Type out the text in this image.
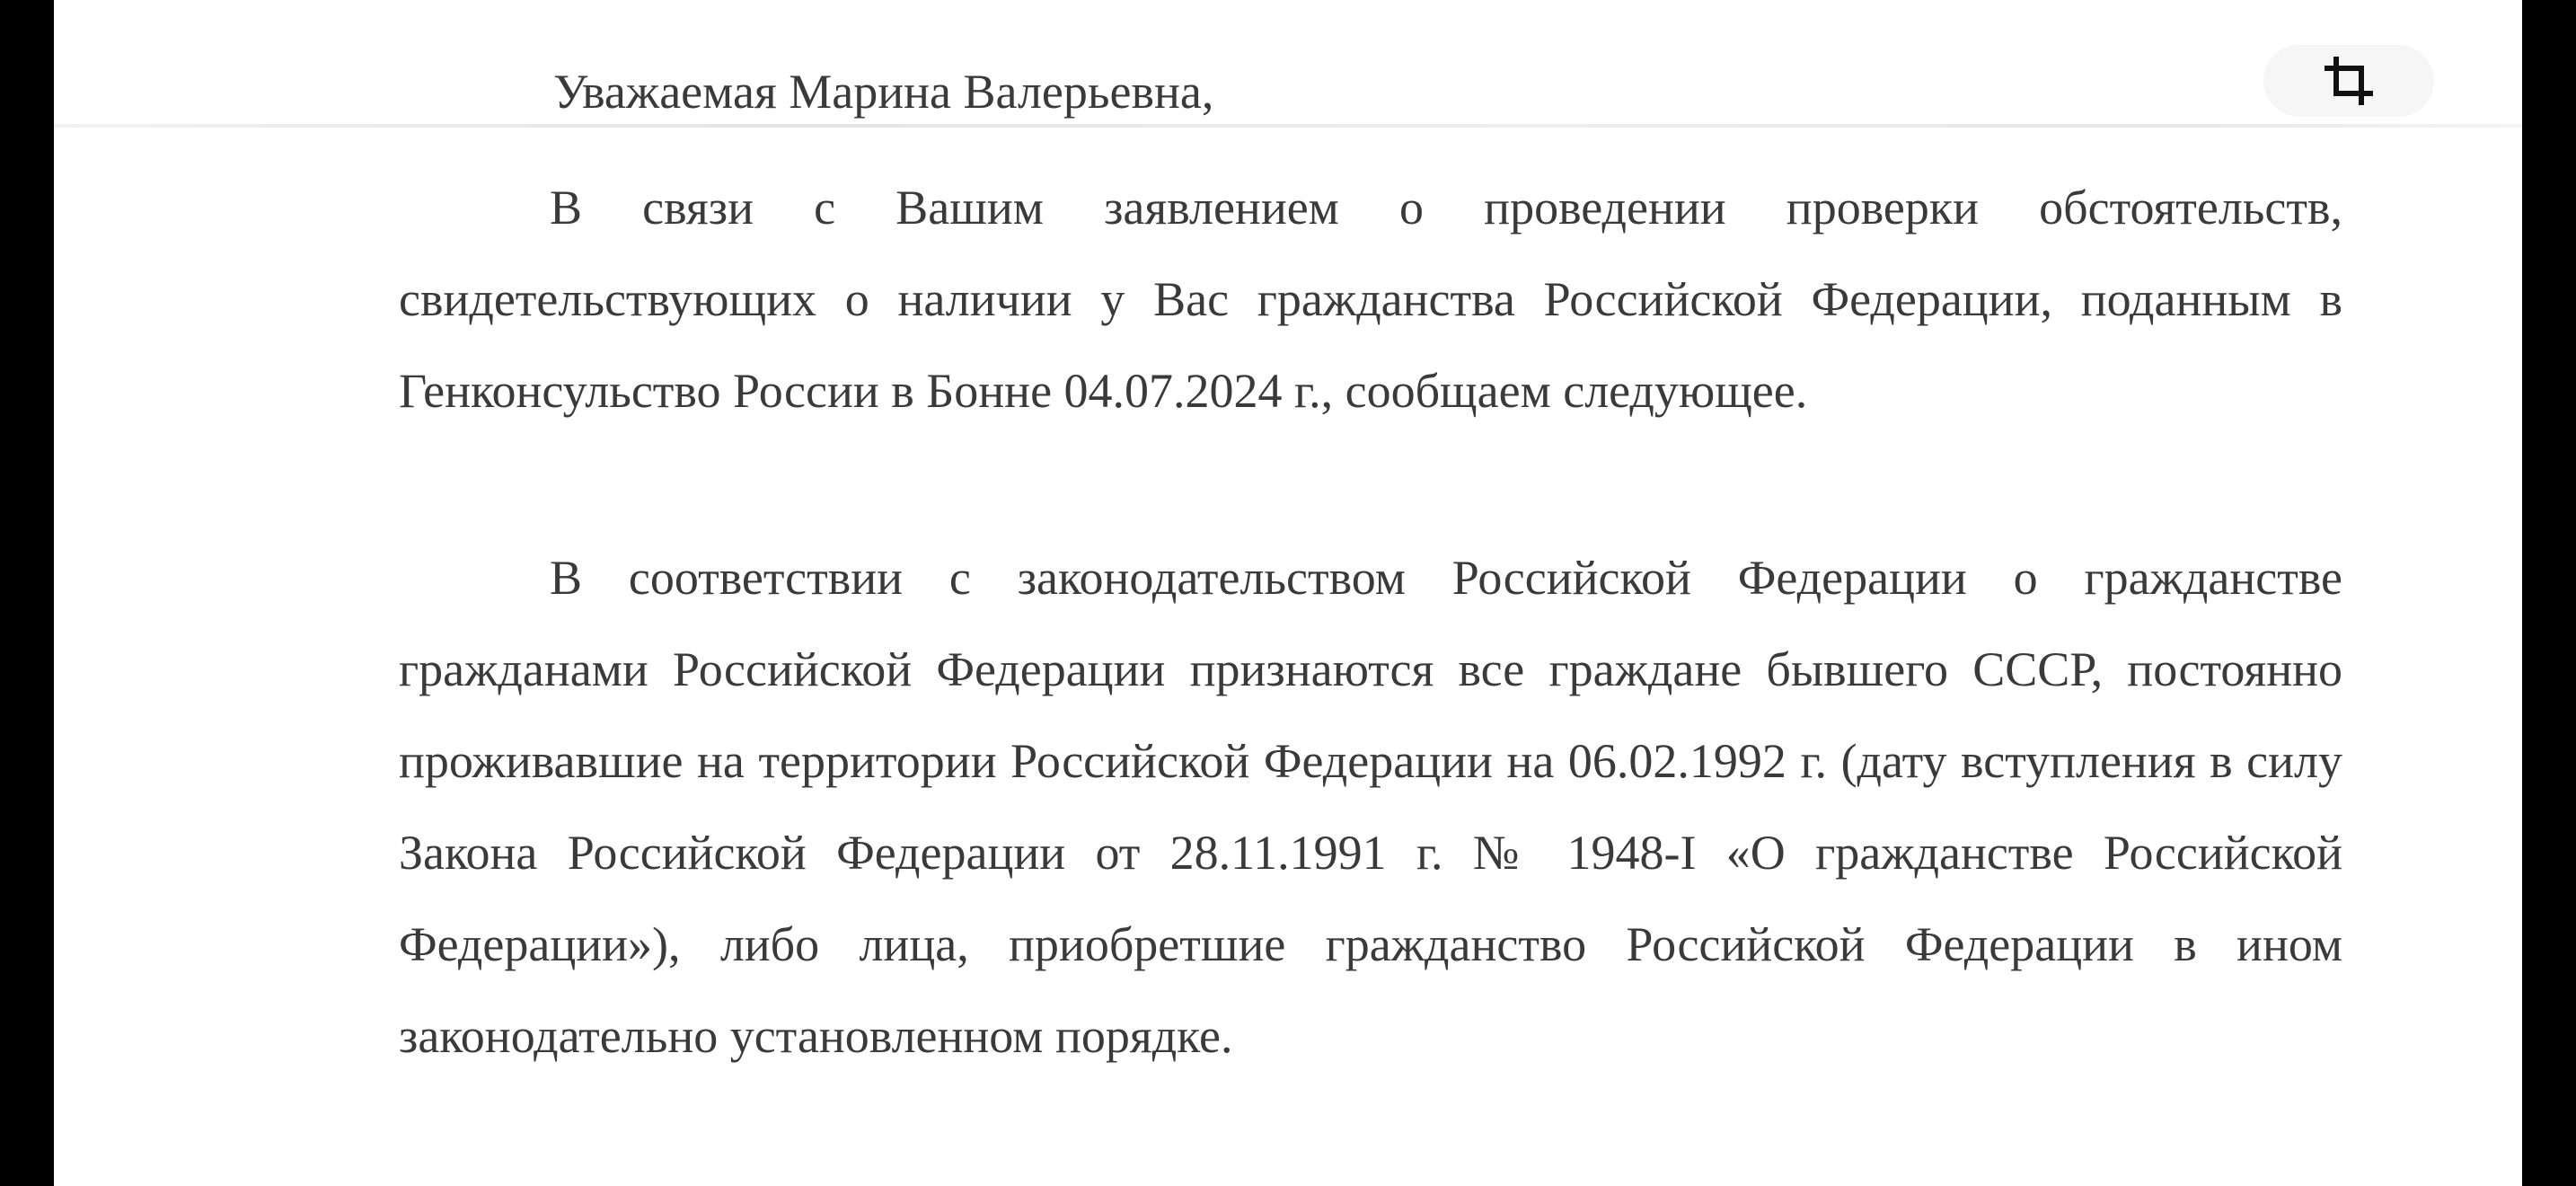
Уважаемая Марина Валерьевна,

В связи с Вашим заявлением о проведении проверки обстоятельств, свидетельствующих о наличии у Вас гражданства Российской Федерации, поданным в Генконсульство России в Бонне 04.07.2024 г., сообщаем следующее.

В соответствии с законодательством Российской Федерации о гражданстве гражданами Российской Федерации признаются все граждане бывшего СССР, постоянно проживавшие на территории Российской Федерации на 06.02.1992 г. (дату вступления в силу Закона Российской Федерации от 28.11.1991 г. № 1948-I «О гражданстве Российской Федерации»), либо лица, приобретшие гражданство Российской Федерации в ином законодательно установленном порядке.
